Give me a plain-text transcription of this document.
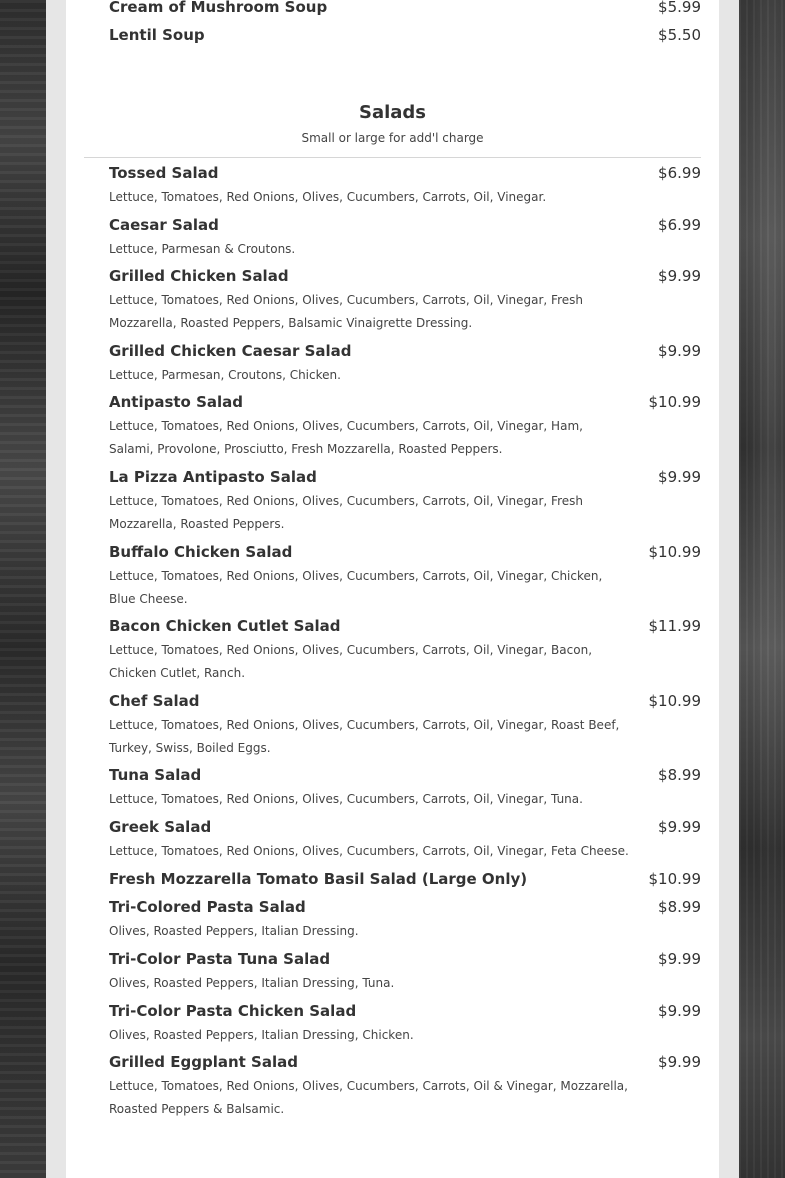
Cream of Mushroom Soup	$5.99
Lentil Soup	$5.50
Salads
Small or large for add'l charge
Tossed Salad	$6.99
Lettuce, Tomatoes, Red Onions, Olives, Cucumbers, Carrots, Oil, Vinegar.
Caesar Salad	$6.99
Lettuce, Parmesan & Croutons.
Grilled Chicken Salad	$9.99
Lettuce, Tomatoes, Red Onions, Olives, Cucumbers, Carrots, Oil, Vinegar, Fresh Mozzarella, Roasted Peppers, Balsamic Vinaigrette Dressing.
Grilled Chicken Caesar Salad	$9.99
Lettuce, Parmesan, Croutons, Chicken.
Antipasto Salad	$10.99
Lettuce, Tomatoes, Red Onions, Olives, Cucumbers, Carrots, Oil, Vinegar, Ham, Salami, Provolone, Prosciutto, Fresh Mozzarella, Roasted Peppers.
La Pizza Antipasto Salad	$9.99
Lettuce, Tomatoes, Red Onions, Olives, Cucumbers, Carrots, Oil, Vinegar, Fresh Mozzarella, Roasted Peppers.
Buffalo Chicken Salad	$10.99
Lettuce, Tomatoes, Red Onions, Olives, Cucumbers, Carrots, Oil, Vinegar, Chicken, Blue Cheese.
Bacon Chicken Cutlet Salad	$11.99
Lettuce, Tomatoes, Red Onions, Olives, Cucumbers, Carrots, Oil, Vinegar, Bacon, Chicken Cutlet, Ranch.
Chef Salad	$10.99
Lettuce, Tomatoes, Red Onions, Olives, Cucumbers, Carrots, Oil, Vinegar, Roast Beef, Turkey, Swiss, Boiled Eggs.
Tuna Salad	$8.99
Lettuce, Tomatoes, Red Onions, Olives, Cucumbers, Carrots, Oil, Vinegar, Tuna.
Greek Salad	$9.99
Lettuce, Tomatoes, Red Onions, Olives, Cucumbers, Carrots, Oil, Vinegar, Feta Cheese.
Fresh Mozzarella Tomato Basil Salad (Large Only)	$10.99
Tri-Colored Pasta Salad	$8.99
Olives, Roasted Peppers, Italian Dressing.
Tri-Color Pasta Tuna Salad	$9.99
Olives, Roasted Peppers, Italian Dressing, Tuna.
Tri-Color Pasta Chicken Salad	$9.99
Olives, Roasted Peppers, Italian Dressing, Chicken.
Grilled Eggplant Salad	$9.99
Lettuce, Tomatoes, Red Onions, Olives, Cucumbers, Carrots, Oil & Vinegar, Mozzarella, Roasted Peppers & Balsamic.
